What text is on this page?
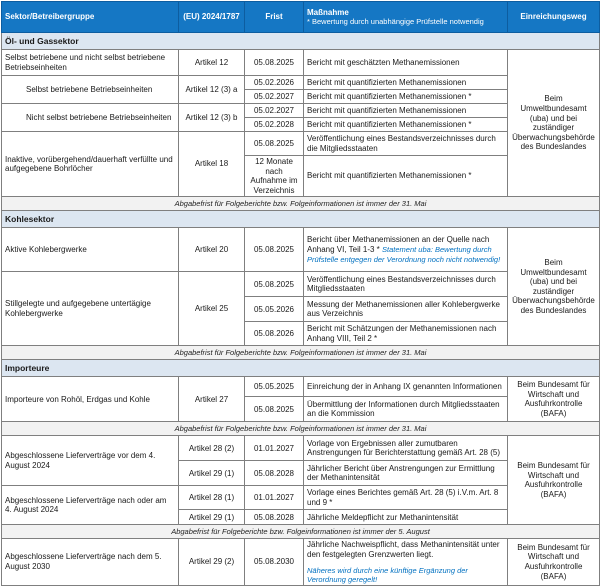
Sektor/Betreibergruppe	(EU) 2024/1787	Frist	Maßnahme
* Bewertung durch unabhängige Prüfstelle notwendig	Einreichungsweg
Öl- und Gassektor				
Selbst betriebene und nicht selbst betriebene Betriebseinheiten	Artikel 12	05.08.2025	Bericht mit geschätzten Methanemissionen	Beim Umweltbundesamt (uba) und bei zuständiger Überwachungsbehörde des Bundeslandes
Selbst betriebene Betriebseinheiten	Artikel 12 (3) a	05.02.2026	Bericht mit quantifizierten Methanemissionen	
		05.02.2027	Bericht mit quantifizierten Methanemissionen *	
Nicht selbst betriebene Betriebseinheiten	Artikel 12 (3) b	05.02.2027	Bericht mit quantifizierten Methanemissionen	
		05.02.2028	Bericht mit quantifizierten Methanemissionen *	
Inaktive, vorübergehend/dauerhaft verfüllte und aufgegebene Bohrlöcher	Artikel 18	05.08.2025	Veröffentlichung eines Bestandsverzeichnisses durch die Mitgliedsstaaten	
		12 Monate nach Aufnahme im Verzeichnis	Bericht mit quantifizierten Methanemissionen *	
Abgabefrist für Folgeberichte bzw. Folgeinformationen ist immer der 31. Mai				
Kohlesektor				
Aktive Kohlebergwerke	Artikel 20	05.08.2025	Bericht über Methanemissionen an der Quelle nach Anhang VI, Teil 1-3 * Statement uba: Bewertung durch Prüfstelle entgegen der Verordnung noch nicht notwendig!	Beim Umweltbundesamt (uba) und bei zuständiger Überwachungsbehörde des Bundeslandes
Stillgelegte und aufgegebene untertägige Kohlebergwerke	Artikel 25	05.08.2025	Veröffentlichung eines Bestandsverzeichnisses durch Mitgliedsstaaten	
		05.05.2026	Messung der Methanemissionen aller Kohlebergwerke aus Verzeichnis	
		05.08.2026	Bericht mit Schätzungen der Methanemissionen nach Anhang VIII, Teil 2 *	
Abgabefrist für Folgeberichte bzw. Folgeinformationen ist immer der 31. Mai				
Importeure				
Importeure von Rohöl, Erdgas und Kohle	Artikel 27	05.05.2025	Einreichung der in Anhang IX genannten Informationen	Beim Bundesamt für Wirtschaft und Ausfuhrkontrolle (BAFA)
		05.08.2025	Übermittlung der Informationen durch Mitgliedsstaaten an die Kommission	
Abgabefrist für Folgeberichte bzw. Folgeinformationen ist immer der 31. Mai				
Abgeschlossene Lieferverträge vor dem 4. August 2024	Artikel 28 (2)	01.01.2027	Vorlage von Ergebnissen aller zumutbaren Anstrengungen für Berichterstattung gemäß Art. 28 (5)	Beim Bundesamt für Wirtschaft und Ausfuhrkontrolle (BAFA)
	Artikel 29 (1)	05.08.2028	Jährlicher Bericht über Anstrengungen zur Ermittlung der Methanintensität	
Abgeschlossene Lieferverträge nach oder am 4. August 2024	Artikel 28 (1)	01.01.2027	Vorlage eines Berichtes gemäß Art. 28 (5) i.V.m. Art. 8 und 9 *	
	Artikel 29 (1)	05.08.2028	Jährliche Meldepflicht zur Methanintensität	
Abgabefrist für Folgeberichte bzw. Folgeinformationen ist immer der 5. August				
Abgeschlossene Lieferverträge nach dem 5. August 2030	Artikel 29 (2)	05.08.2030	Jährliche Nachweispflicht, dass Methanintensität unter den festgelegten Grenzwerten liegt.
Näheres wird durch eine künftige Ergänzung der Verordnung geregelt!	Beim Bundesamt für Wirtschaft und Ausfuhrkontrolle (BAFA)
